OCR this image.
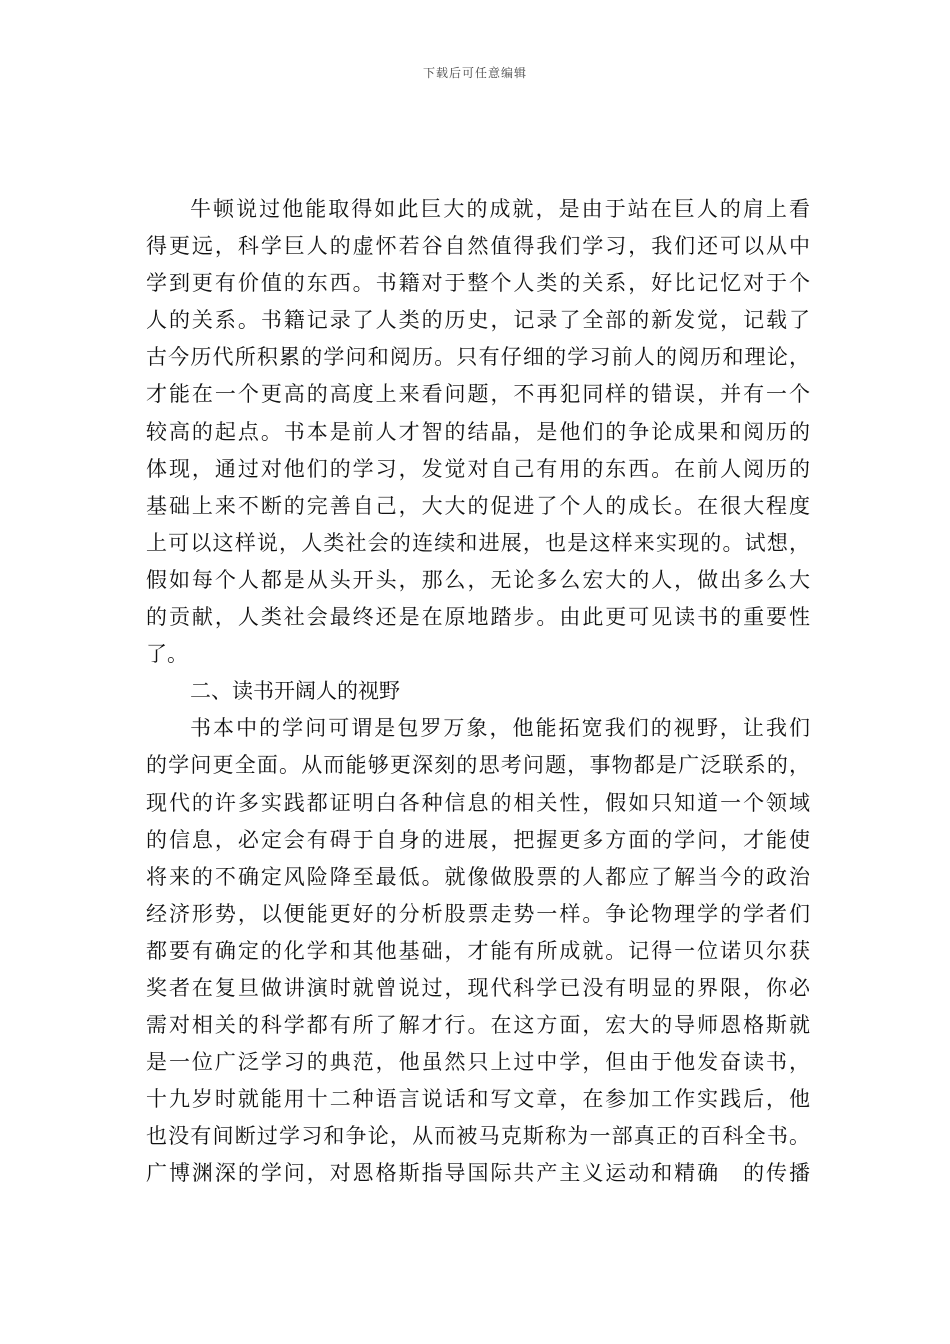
下载后可任意编辑
牛顿说过他能取得如此巨大的成就，是由于站在巨人的肩上看
得更远，科学巨人的虚怀若谷自然值得我们学习，我们还可以从中
学到更有价值的东西。书籍对于整个人类的关系，好比记忆对于个
人的关系。书籍记录了人类的历史，记录了全部的新发觉，记载了
古今历代所积累的学问和阅历。只有仔细的学习前人的阅历和理论，
才能在一个更高的高度上来看问题，不再犯同样的错误，并有一个
较高的起点。书本是前人才智的结晶，是他们的争论成果和阅历的
体现，通过对他们的学习，发觉对自己有用的东西。在前人阅历的
基础上来不断的完善自己，大大的促进了个人的成长。在很大程度
上可以这样说，人类社会的连续和进展，也是这样来实现的。试想，
假如每个人都是从头开头，那么，无论多么宏大的人，做出多么大
的贡献，人类社会最终还是在原地踏步。由此更可见读书的重要性
了。
二、读书开阔人的视野
书本中的学问可谓是包罗万象，他能拓宽我们的视野，让我们
的学问更全面。从而能够更深刻的思考问题，事物都是广泛联系的，
现代的许多实践都证明白各种信息的相关性，假如只知道一个领域
的信息，必定会有碍于自身的进展，把握更多方面的学问，才能使
将来的不确定风险降至最低。就像做股票的人都应了解当今的政治
经济形势，以便能更好的分析股票走势一样。争论物理学的学者们
都要有确定的化学和其他基础，才能有所成就。记得一位诺贝尔获
奖者在复旦做讲演时就曾说过，现代科学已没有明显的界限，你必
需对相关的科学都有所了解才行。在这方面，宏大的导师恩格斯就
是一位广泛学习的典范，他虽然只上过中学，但由于他发奋读书，
十九岁时就能用十二种语言说话和写文章，在参加工作实践后，他
也没有间断过学习和争论，从而被马克斯称为一部真正的百科全书。
广博渊深的学问，对恩格斯指导国际共产主义运动和精确　的传播
